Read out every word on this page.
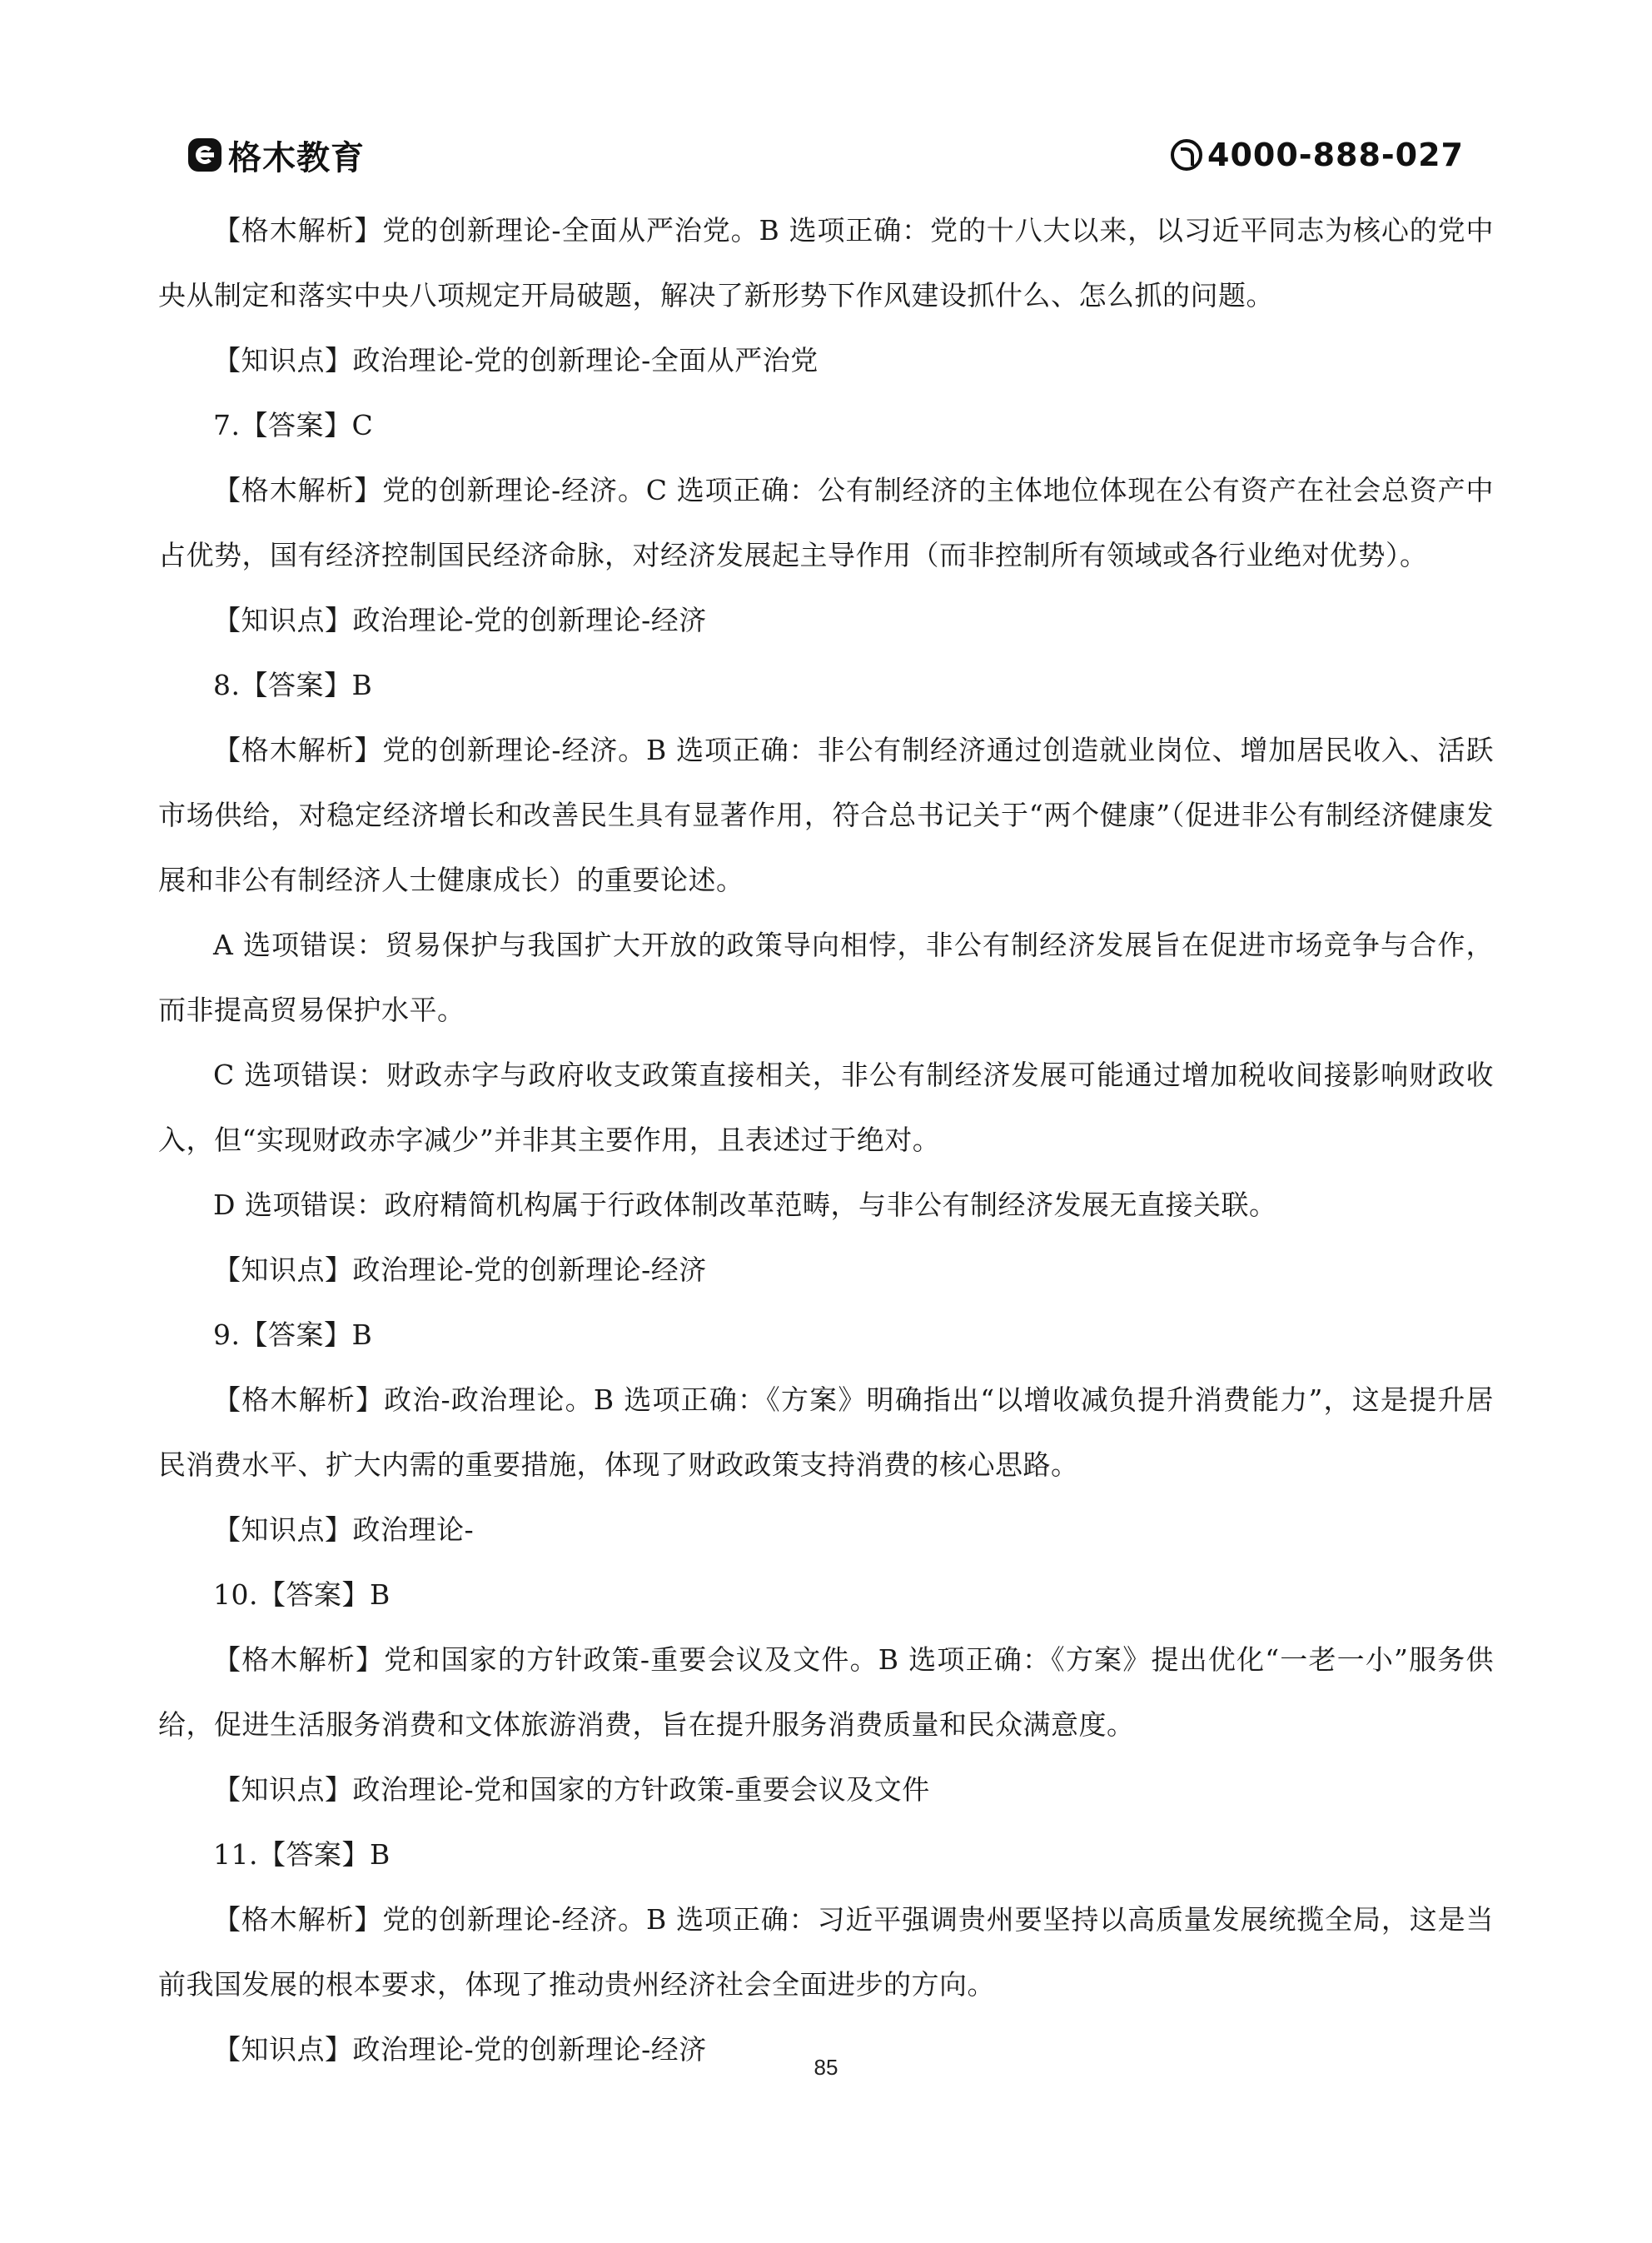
格木教育	4000-888-027

【格木解析】党的创新理论-全面从严治党。B 选项正确：党的十八大以来，以习近平同志为核心的党中央从制定和落实中央八项规定开局破题，解决了新形势下作风建设抓什么、怎么抓的问题。

【知识点】政治理论-党的创新理论-全面从严治党

7.【答案】C

【格木解析】党的创新理论-经济。C 选项正确：公有制经济的主体地位体现在公有资产在社会总资产中占优势，国有经济控制国民经济命脉，对经济发展起主导作用（而非控制所有领域或各行业绝对优势）。

【知识点】政治理论-党的创新理论-经济

8.【答案】B

【格木解析】党的创新理论-经济。B 选项正确：非公有制经济通过创造就业岗位、增加居民收入、活跃市场供给，对稳定经济增长和改善民生具有显著作用，符合总书记关于“两个健康”（促进非公有制经济健康发展和非公有制经济人士健康成长）的重要论述。

A 选项错误：贸易保护与我国扩大开放的政策导向相悖，非公有制经济发展旨在促进市场竞争与合作，而非提高贸易保护水平。

C 选项错误：财政赤字与政府收支政策直接相关，非公有制经济发展可能通过增加税收间接影响财政收入，但“实现财政赤字减少”并非其主要作用，且表述过于绝对。

D 选项错误：政府精简机构属于行政体制改革范畴，与非公有制经济发展无直接关联。

【知识点】政治理论-党的创新理论-经济

9.【答案】B

【格木解析】政治-政治理论。B 选项正确：《方案》明确指出“以增收减负提升消费能力”，这是提升居民消费水平、扩大内需的重要措施，体现了财政政策支持消费的核心思路。

【知识点】政治理论-

10.【答案】B

【格木解析】党和国家的方针政策-重要会议及文件。B 选项正确：《方案》提出优化“一老一小”服务供给，促进生活服务消费和文体旅游消费，旨在提升服务消费质量和民众满意度。

【知识点】政治理论-党和国家的方针政策-重要会议及文件

11.【答案】B

【格木解析】党的创新理论-经济。B 选项正确：习近平强调贵州要坚持以高质量发展统揽全局，这是当前我国发展的根本要求，体现了推动贵州经济社会全面进步的方向。

【知识点】政治理论-党的创新理论-经济

85
